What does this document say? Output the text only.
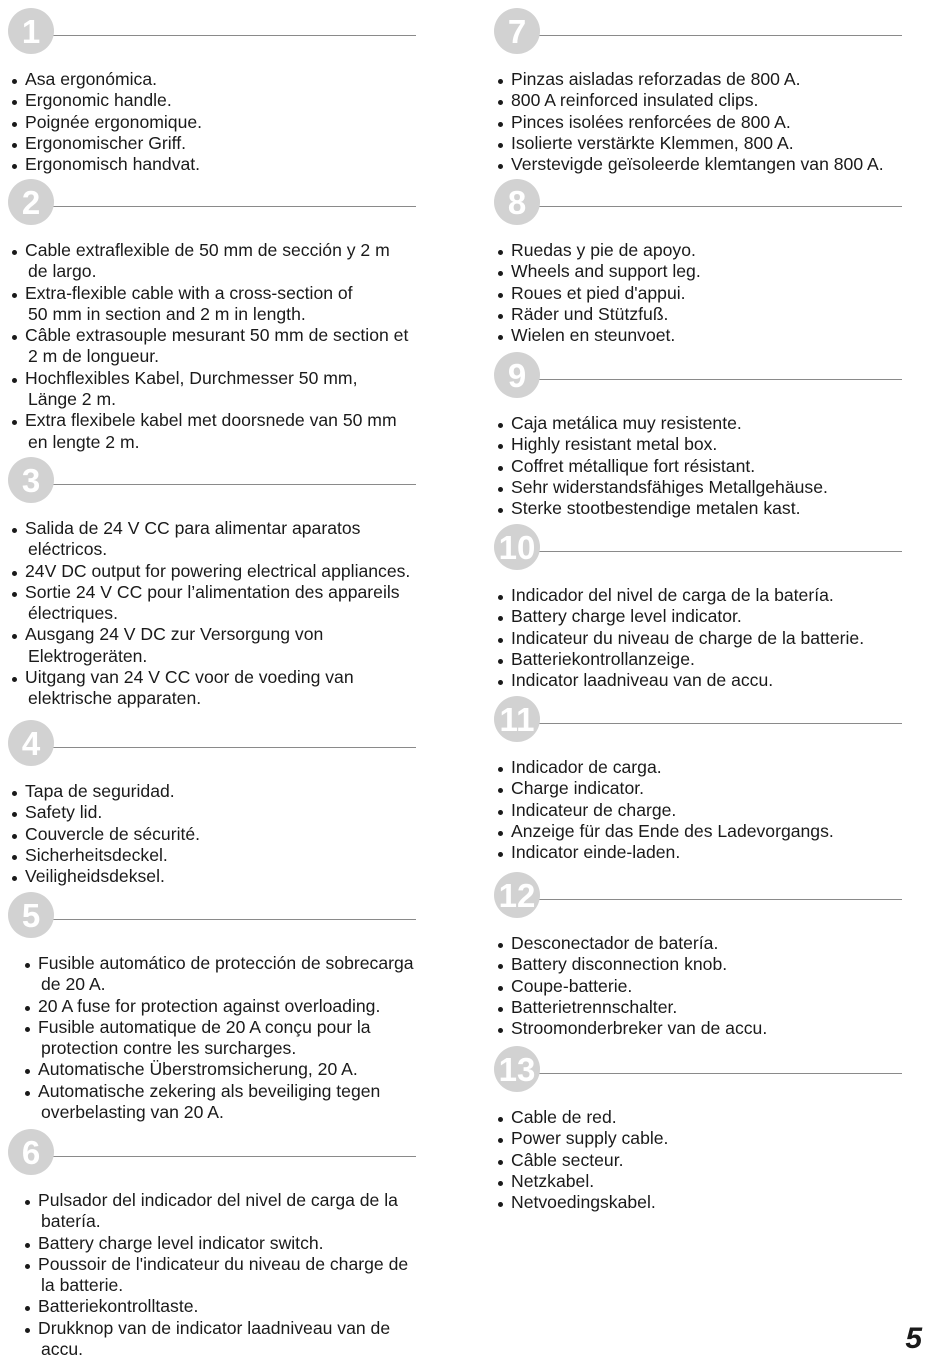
1
Asa ergonómica.
Ergonomic handle.
Poignée ergonomique.
Ergonomischer Griff.
Ergonomisch handvat.
2
Cable extraflexible de 50 mm de sección y 2 m
de largo.
Extra-flexible cable with a cross-section of
50 mm in section and 2 m in length.
Câble extrasouple mesurant 50 mm de section et
2 m de longueur.
Hochflexibles Kabel, Durchmesser 50 mm,
Länge 2 m.
Extra flexibele kabel met doorsnede van 50 mm
en lengte 2 m.
3
Salida de 24 V CC para alimentar aparatos
eléctricos.
24V DC output for powering electrical appliances.
Sortie 24 V CC pour l’alimentation des appareils
électriques.
Ausgang 24 V DC zur Versorgung von
Elektrogeräten.
Uitgang van 24 V CC voor de voeding van
elektrische apparaten.
4
Tapa de seguridad.
Safety lid.
Couvercle de sécurité.
Sicherheitsdeckel.
Veiligheidsdeksel.
5
Fusible automático de protección de sobrecarga
de 20 A.
20 A fuse for protection against overloading.
Fusible automatique de 20 A conçu pour la
protection contre les surcharges.
Automatische Überstromsicherung, 20 A.
Automatische zekering als beveiliging tegen
overbelasting van 20 A.
6
Pulsador del indicador del nivel de carga de la
batería.
Battery charge level indicator switch.
Poussoir de l'indicateur du niveau de charge de
la batterie.
Batteriekontrolltaste.
Drukknop van de indicator laadniveau van de
accu.
7
Pinzas aisladas reforzadas de 800 A.
800 A reinforced insulated clips.
Pinces isolées renforcées de 800 A.
Isolierte verstärkte Klemmen, 800 A.
Verstevigde geïsoleerde klemtangen van 800 A.
8
Ruedas y pie de apoyo.
Wheels and support leg.
Roues et pied d'appui.
Räder und Stützfuß.
Wielen en steunvoet.
9
Caja metálica muy resistente.
Highly resistant metal box.
Coffret métallique fort résistant.
Sehr widerstandsfähiges Metallgehäuse.
Sterke stootbestendige metalen kast.
10
Indicador del nivel de carga de la batería.
Battery charge level indicator.
Indicateur du niveau de charge de la batterie.
Batteriekontrollanzeige.
Indicator laadniveau van de accu.
11
Indicador de carga.
Charge indicator.
Indicateur de charge.
Anzeige für das Ende des Ladevorgangs.
Indicator einde-laden.
12
Desconectador de batería.
Battery disconnection knob.
Coupe-batterie.
Batterietrennschalter.
Stroomonderbreker van de accu.
13
Cable de red.
Power supply cable.
Câble secteur.
Netzkabel.
Netvoedingskabel.
5
